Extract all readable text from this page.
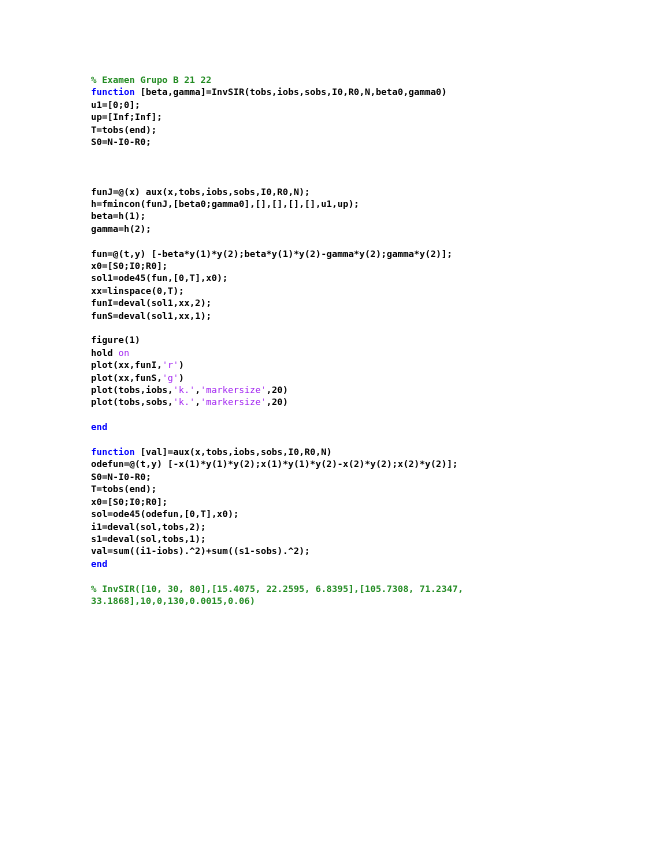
% Examen Grupo B 21 22
function [beta,gamma]=InvSIR(tobs,iobs,sobs,I0,R0,N,beta0,gamma0)
u1=[0;0];
up=[Inf;Inf];
T=tobs(end);
S0=N-I0-R0;
funJ=@(x) aux(x,tobs,iobs,sobs,I0,R0,N);
h=fmincon(funJ,[beta0;gamma0],[],[],[],[],u1,up);
beta=h(1);
gamma=h(2);
fun=@(t,y) [-beta*y(1)*y(2);beta*y(1)*y(2)-gamma*y(2);gamma*y(2)];
x0=[S0;I0;R0];
sol1=ode45(fun,[0,T],x0);
xx=linspace(0,T);
funI=deval(sol1,xx,2);
funS=deval(sol1,xx,1);
figure(1)
hold on
plot(xx,funI,'r')
plot(xx,funS,'g')
plot(tobs,iobs,'k.','markersize',20)
plot(tobs,sobs,'k.','markersize',20)
end
function [val]=aux(x,tobs,iobs,sobs,I0,R0,N)
odefun=@(t,y) [-x(1)*y(1)*y(2);x(1)*y(1)*y(2)-x(2)*y(2);x(2)*y(2)];
S0=N-I0-R0;
T=tobs(end);
x0=[S0;I0;R0];
sol=ode45(odefun,[0,T],x0);
i1=deval(sol,tobs,2);
s1=deval(sol,tobs,1);
val=sum((i1-iobs).^2)+sum((s1-sobs).^2);
end
% InvSIR([10, 30, 80],[15.4075, 22.2595, 6.8395],[105.7308, 71.2347,
33.1868],10,0,130,0.0015,0.06)
